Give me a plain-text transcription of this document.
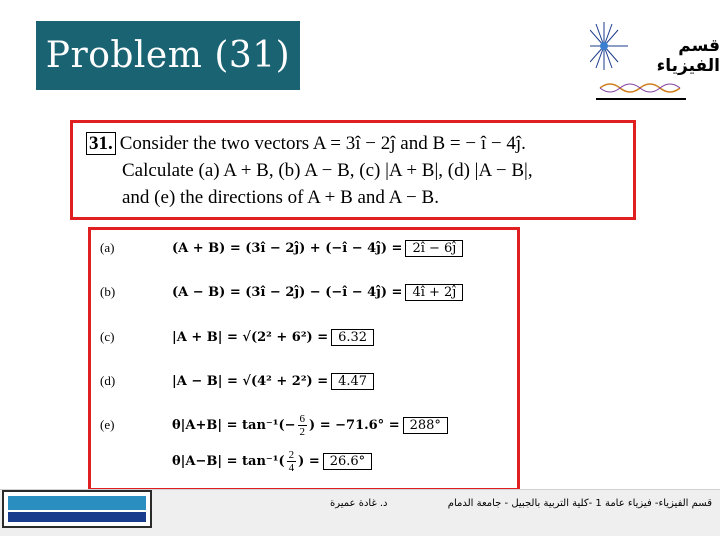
Problem (31)	قسم الفيزياء
31. Consider the two vectors A = 3î − 2ĵ and B = − î − 4ĵ.
Calculate (a) A + B, (b) A − B, (c) |A + B|, (d) |A − B|,
and (e) the directions of A + B and A − B.
(a)	(A + B) = (3î − 2ĵ) + (−î − 4ĵ) = 2î − 6ĵ
(b)	(A − B) = (3î − 2ĵ) − (−î − 4ĵ) = 4î + 2ĵ
(c)	|A + B| = √(2² + 6²) = 6.32
(d)	|A − B| = √(4² + 2²) = 4.47
(e)	$\theta|A+B| = \tan^{-1}(- \frac{6}{2}$ ) = −71.6° = 288°
$\theta|A-B| = \tan^{-1}( \frac{2}{4}$ ) = 26.6°
د. غادة عميرة	قسم الفيزياء- فيزياء عامة 1 -كلية التربية بالجبيل - جامعة الدمام
